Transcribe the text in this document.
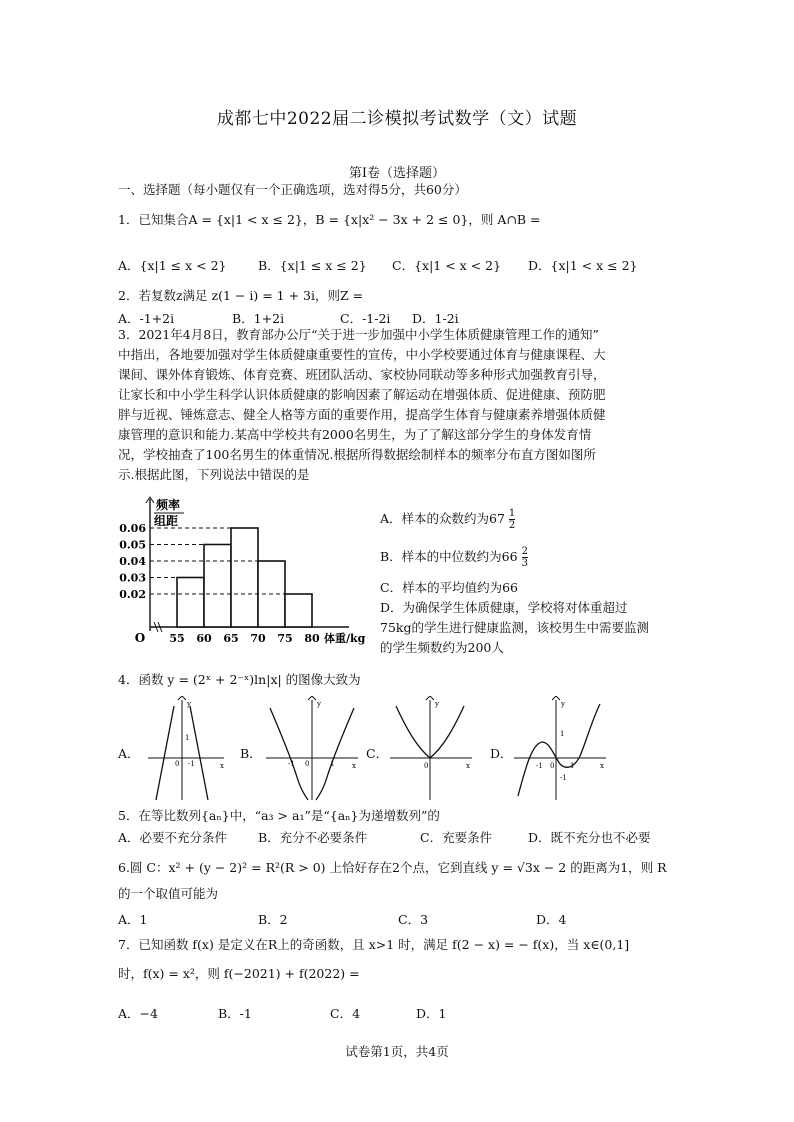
成都七中2022届二诊模拟考试数学（文）试题
第Ⅰ卷（选择题）
一、选择题（每小题仅有一个正确选项，选对得5分，共60分）
1．已知集合A = {x|1 < x ≤ 2}，B = {x|x² − 3x + 2 ≤ 0}，则 A∩B =
A．{x|1 ≤ x < 2}	B．{x|1 ≤ x ≤ 2} C．{x|1 < x < 2} D．{x|1 < x ≤ 2}
2．若复数z满足 z(1 − i) = 1 + 3i，则Z =
A．-1+2i	B．1+2i	C．-1-2i D．1-2i
3．2021年4月8日，教育部办公厅“关于进一步加强中小学生体质健康管理工作的通知”
中指出，各地要加强对学生体质健康重要性的宣传，中小学校要通过体育与健康课程、大
课间、课外体育锻炼、体育竞赛、班团队活动、家校协同联动等多种形式加强教育引导，
让家长和中小学生科学认识体质健康的影响因素了解运动在增强体质、促进健康、预防肥
胖与近视、锤炼意志、健全人格等方面的重要作用，提高学生体育与健康素养增强体质健
康管理的意识和能力.某高中学校共有2000名男生，为了了解这部分学生的身体发育情
况，学校抽查了100名男生的体重情况.根据所得数据绘制样本的频率分布直方图如图所
示.根据此图，下列说法中错误的是
频率
组距
0.06
0.05
0.04
0.03
0.02
55 60 65 70 75 80
O	体重/kg
A．样本的众数约为$67 \frac{1}{2}$
B．样本的中位数约为$66 \frac{2}{3}$
C．样本的平均值约为66
D．为确保学生体质健康，学校将对体重超过
75kg的学生进行健康监测，该校男生中需要监测
的学生频数约为200人
4．函数 y = (2ˣ + 2⁻ˣ)ln|x| 的图像大致为
A．	B．	C．	D．
y
x
0
1
-1
y
x
0
-1	1
y
x
0
y
x
0
-1	1
1
-1
5．在等比数列{aₙ}中，“a₃ > a₁”是“{aₙ}为递增数列”的
A．必要不充分条件 B．充分不必要条件	C．充要条件	D．既不充分也不必要
6.圆 C：x² + (y − 2)² = R²(R > 0) 上恰好存在2个点，它到直线 y = √3x − 2 的距离为1，则 R
的一个取值可能为
A．1	B．2	C．3	D．4
7．已知函数 f(x) 是定义在R上的奇函数，且 x>1 时，满足 f(2 − x) = − f(x)，当 x∈(0,1]
时，f(x) = x²，则 f(−2021) + f(2022) =
A．−4	B．-1	C．4	D．1
试卷第1页，共4页
